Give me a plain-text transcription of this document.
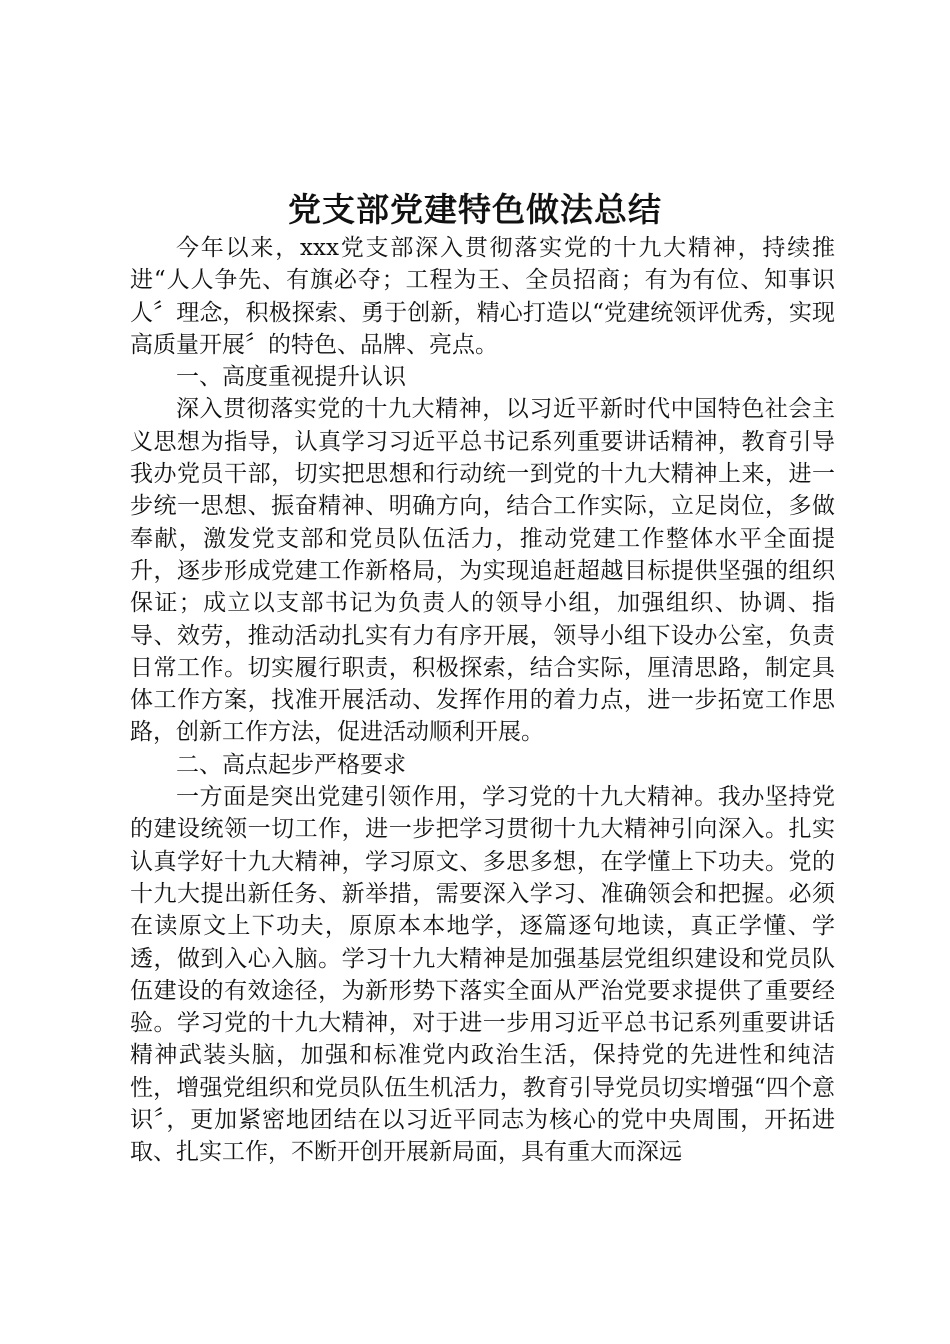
党支部党建特色做法总结

今年以来，xxx党支部深入贯彻落实党的十九大精神，持续推进“人人争先、有旗必夺；工程为王、全员招商；有为有位、知事识人〞理念，积极探索、勇于创新，精心打造以“党建统领评优秀，实现高质量开展〞的特色、品牌、亮点。

一、高度重视提升认识

深入贯彻落实党的十九大精神，以习近平新时代中国特色社会主义思想为指导，认真学习习近平总书记系列重要讲话精神，教育引导我办党员干部，切实把思想和行动统一到党的十九大精神上来，进一步统一思想、振奋精神、明确方向，结合工作实际，立足岗位，多做奉献，激发党支部和党员队伍活力，推动党建工作整体水平全面提升，逐步形成党建工作新格局，为实现追赶超越目标提供坚强的组织保证；成立以支部书记为负责人的领导小组，加强组织、协调、指导、效劳，推动活动扎实有力有序开展，领导小组下设办公室，负责日常工作。切实履行职责，积极探索，结合实际，厘清思路，制定具体工作方案，找准开展活动、发挥作用的着力点，进一步拓宽工作思路，创新工作方法，促进活动顺利开展。

二、高点起步严格要求

一方面是突出党建引领作用，学习党的十九大精神。我办坚持党的建设统领一切工作，进一步把学习贯彻十九大精神引向深入。扎实认真学好十九大精神，学习原文、多思多想，在学懂上下功夫。党的十九大提出新任务、新举措，需要深入学习、准确领会和把握。必须在读原文上下功夫，原原本本地学，逐篇逐句地读，真正学懂、学透，做到入心入脑。学习十九大精神是加强基层党组织建设和党员队伍建设的有效途径，为新形势下落实全面从严治党要求提供了重要经验。学习党的十九大精神，对于进一步用习近平总书记系列重要讲话精神武装头脑，加强和标准党内政治生活，保持党的先进性和纯洁性，增强党组织和党员队伍生机活力，教育引导党员切实增强“四个意识〞，更加紧密地团结在以习近平同志为核心的党中央周围，开拓进取、扎实工作，不断开创开展新局面，具有重大而深远
